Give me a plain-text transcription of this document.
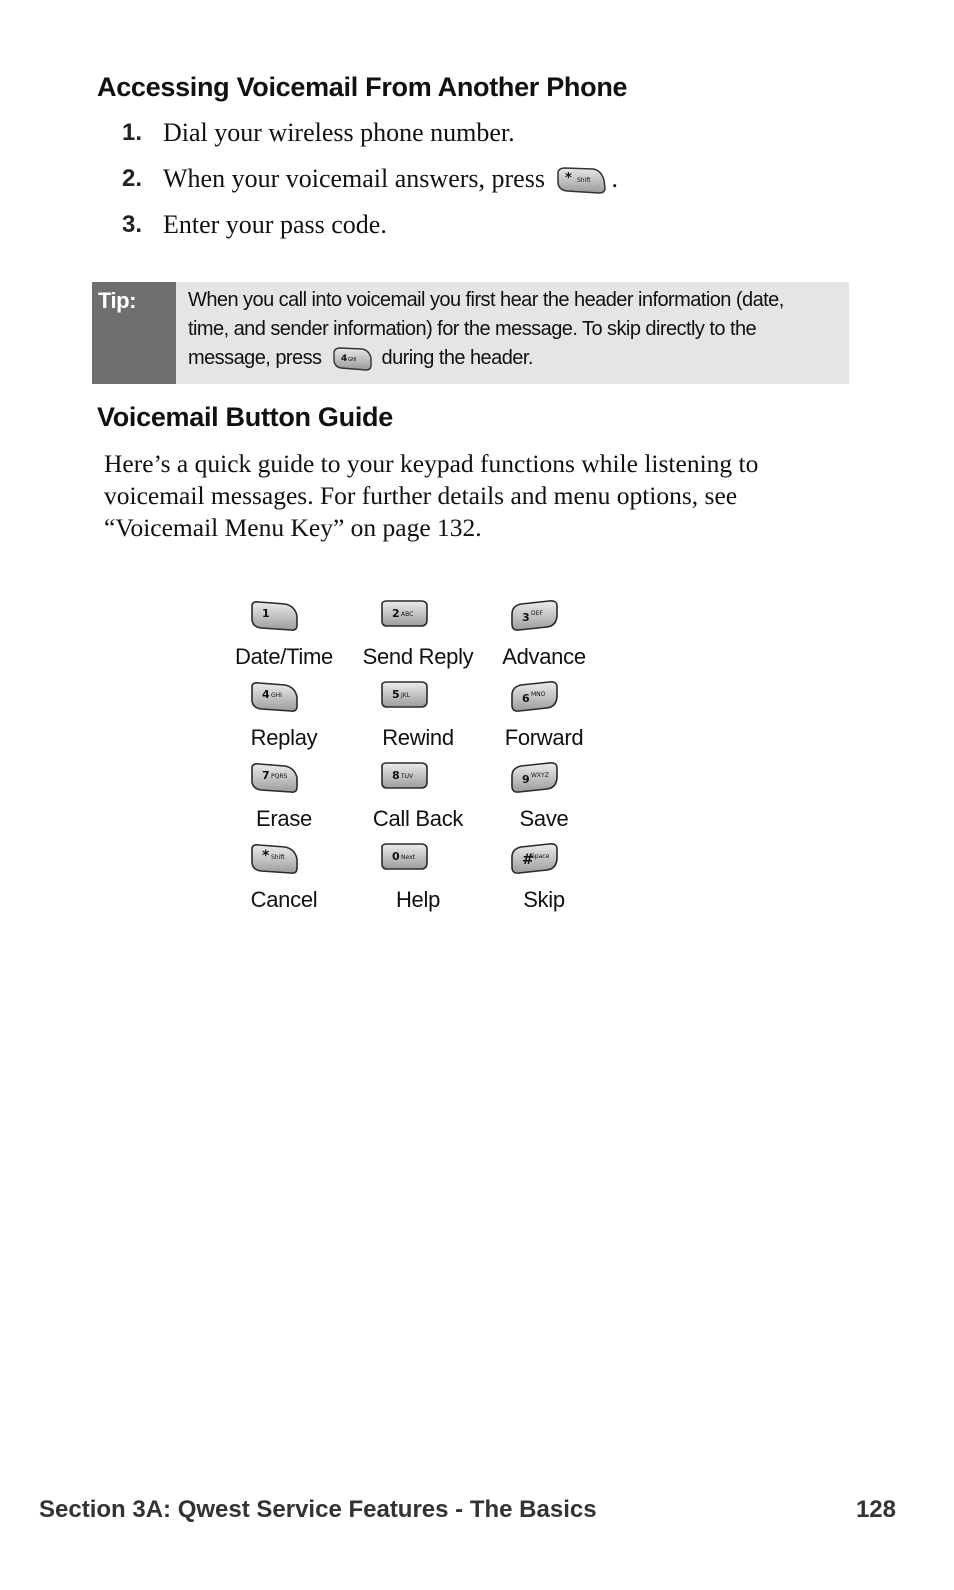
Accessing Voicemail From Another Phone
1. Dial your wireless phone number.
2. When your voicemail answers, press * Shift .
3. Enter your pass code.
Tip:	When you call into voicemail you first hear the header information (date,
time, and sender information) for the message. To skip directly to the
message, press 4 GHI during the header.
Voicemail Button Guide

Here’s a quick guide to your keypad functions while listening to voicemail messages. For further details and menu options, see “Voicemail Menu Key” on page 132.

1
Date/Time
2 ABC
Send Reply
3 DEF
Advance
4 GHI
Replay
5 JKL
Rewind
6 MNO
Forward
7 PQRS
Erase
8 TUV
Call Back
9 WXYZ
Save
* Shift
Cancel
0 Next
Help
#
Space
Skip
Section 3A: Qwest Service Features - The Basics	128
